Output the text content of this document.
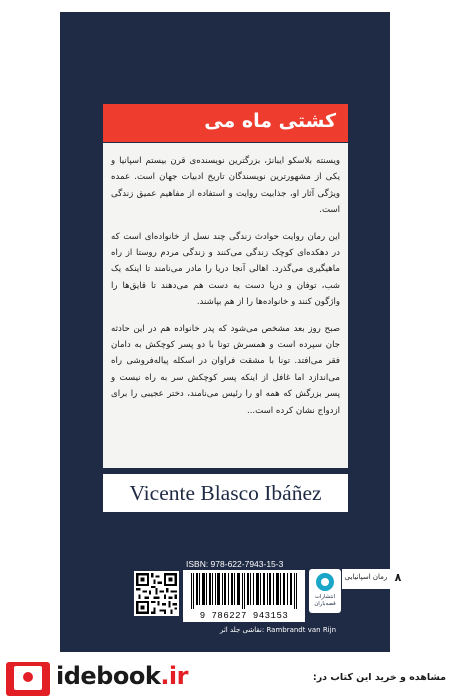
کشتی ماه می

ویسنته بلاسکو ایبانژ، بزرگترین نویسنده‌ی قرن بیستم اسپانیا و یکی از مشهورترین نویسندگان تاریخ ادبیات جهان است. عمده ویژگی آثار او، جذابیت روایت و استفاده از مفاهیم عمیق زندگی است.

این رمان روایت حوادث زندگی چند نسل از خانواده‌ای است که در دهکده‌ای کوچک زندگی می‌کنند و زندگی مردم روستا از راه ماهیگیری می‌گذرد. اهالی آنجا دریا را مادر می‌نامند تا اینکه یک شب، توفان و دریا دست به دست هم می‌دهند تا قایق‌ها را واژگون کنند و خانواده‌ها را از هم بپاشند.

صبح روز بعد مشخص می‌شود که پدر خانواده هم در این حادثه جان سپرده است و همسرش تونا با دو پسر کوچکش به دامان فقر می‌افتد. تونا با مشقت فراوان در اسکله پیاله‌فروشی راه می‌اندازد اما غافل از اینکه پسر کوچکش سر به راه نیست و پسر بزرگش که همه او را رئیس می‌نامند، دختر عجیبی را برای ازدواج نشان کرده است...

Vicente Blasco Ibáñez
ISBN: 978-622-7943-15-3
9 786227 943153
انتشارات قصه‌باران
رمان اسپانیایی ۸
نقاشی جلد اثر: Rambrandt van Rijn
idebook.ir	مشاهده و خرید این کتاب در:
